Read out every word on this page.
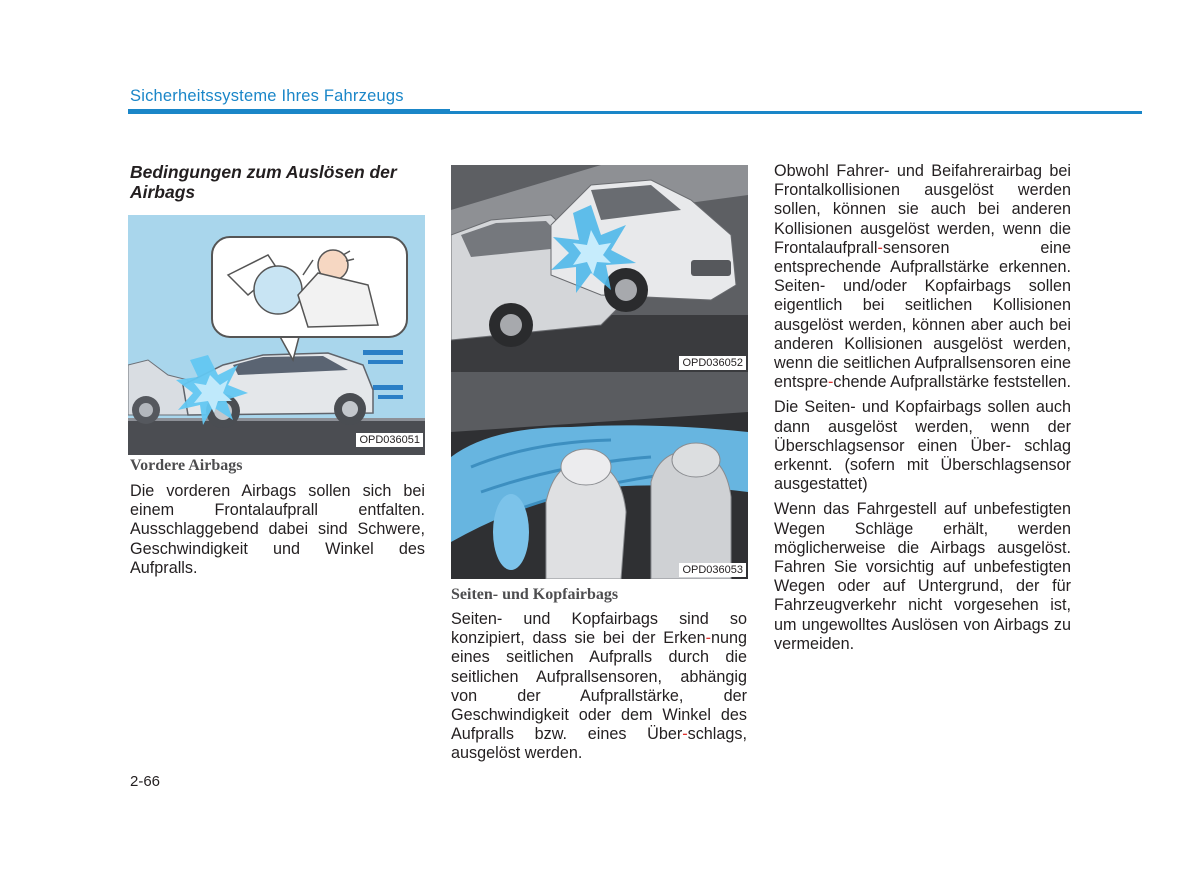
Sicherheitssysteme Ihres Fahrzeugs
Bedingungen zum Auslösen der Airbags
OPD036051
Vordere Airbags
Die vorderen Airbags sollen sich bei einem Frontalaufprall entfalten. Ausschlaggebend dabei sind Schwere, Geschwindigkeit und Winkel des Aufpralls.
OPD036052
OPD036053
Seiten- und Kopfairbags
Seiten- und Kopfairbags sind so konzipiert, dass sie bei der Erken-nung eines seitlichen Aufpralls durch die seitlichen Aufprallsensoren, abhängig von der Aufprallstärke, der Geschwindigkeit oder dem Winkel des Aufpralls bzw. eines Über-schlags, ausgelöst werden.

Obwohl Fahrer- und Beifahrerairbag bei Frontalkollisionen ausgelöst werden sollen, können sie auch bei anderen Kollisionen ausgelöst werden, wenn die Frontalaufprall-sensoren eine entsprechende Aufprallstärke erkennen. Seiten- und/oder Kopfairbags sollen eigentlich bei seitlichen Kollisionen ausgelöst werden, können aber auch bei anderen Kollisionen ausgelöst werden, wenn die seitlichen Aufprallsensoren eine entspre-chende Aufprallstärke feststellen.

Die Seiten- und Kopfairbags sollen auch dann ausgelöst werden, wenn der Überschlagsensor einen Über- schlag erkennt. (sofern mit Überschlagsensor ausgestattet)

Wenn das Fahrgestell auf unbefestigten Wegen Schläge erhält, werden möglicherweise die Airbags ausgelöst. Fahren Sie vorsichtig auf unbefestigten Wegen oder auf Untergrund, der für Fahrzeugverkehr nicht vorgesehen ist, um ungewolltes Auslösen von Airbags zu vermeiden.

2-66
